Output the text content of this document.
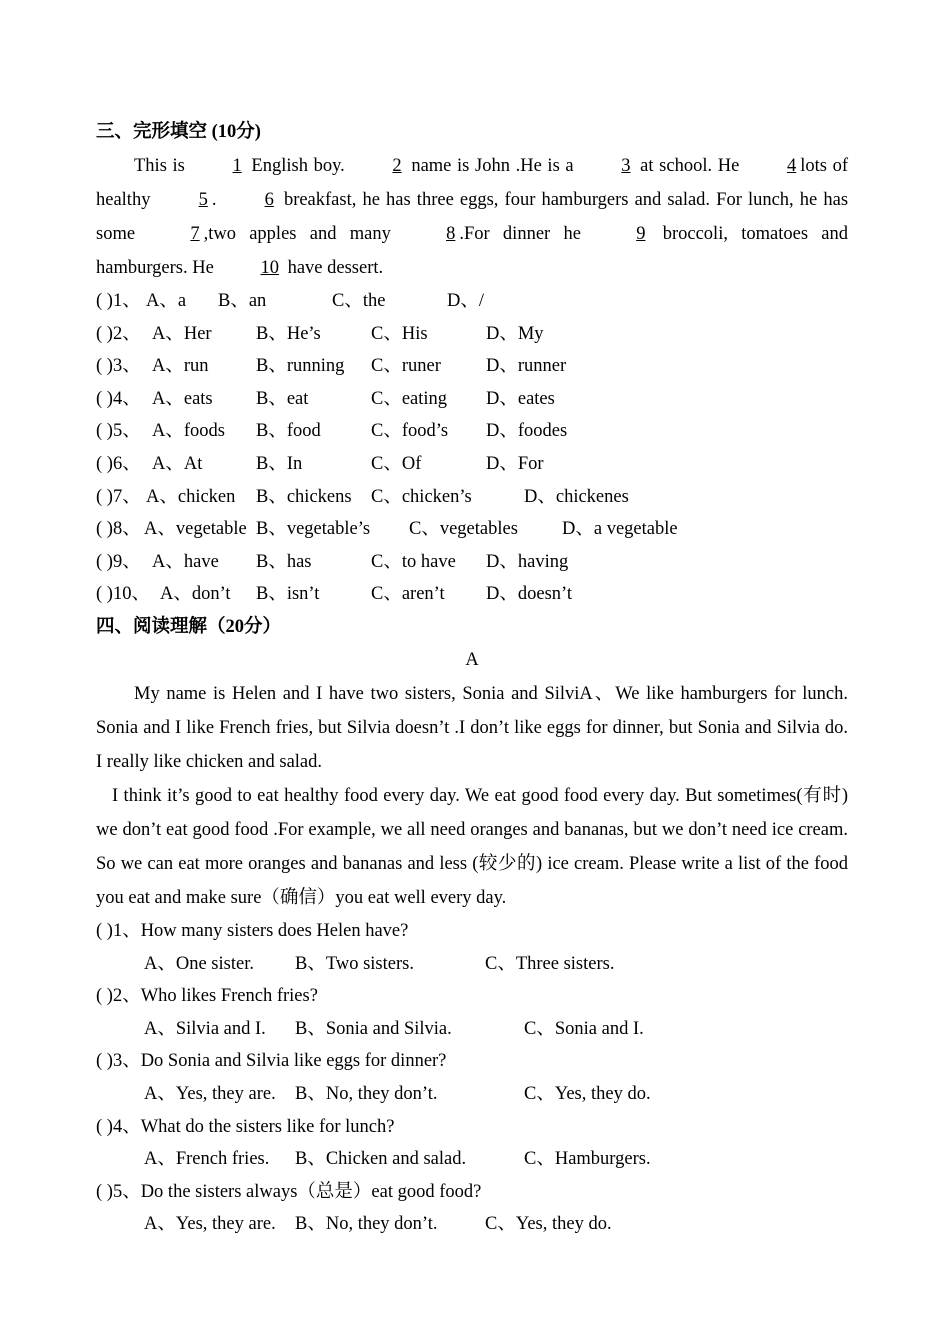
三、完形填空 (10分)

This is 1 English boy. 2 name is John .He is a 3 at school. He 4 lots of healthy 5 . 6 breakfast, he has three eggs, four hamburgers and salad. For lunch, he has some 7 ,two apples and many 8 .For dinner he 9 broccoli, tomatoes and hamburgers. He 10 have dessert.

( )1、 A、a B、an	C、the	D、/
( )2、 A、Her B、He’s	C、His	D、My
( )3、 A、run	B、running C、runer D、runner
( )4、 A、eats B、eat	C、eating D、eates
( )5、 A、foods B、food	C、food’s D、foodes
( )6、 A、At	B、In	C、Of	D、For
( )7、 A、chicken B、chickens C、chicken’s	D、chickenes
( )8、 A、vegetable B、vegetable’s C、vegetables D、a vegetable
( )9、 A、have B、has	C、to have D、having
( )10、 A、don’t B、isn’t	C、aren’t D、doesn’t
四、阅读理解（20分）
A

My name is Helen and I have two sisters, Sonia and SilviA、We like hamburgers for lunch. Sonia and I like French fries, but Silvia doesn’t .I don’t like eggs for dinner, but Sonia and Silvia do. I really like chicken and salad.

I think it’s good to eat healthy food every day. We eat good food every day. But sometimes(有时) we don’t eat good food .For example, we all need oranges and bananas, but we don’t need ice cream. So we can eat more oranges and bananas and less (较少的) ice cream. Please write a list of the food you eat and make sure（确信）you eat well every day.

( )1、How many sisters does Helen have?
A、One sister. B、Two sisters.	C、Three sisters.
( )2、Who likes French fries?
A、Silvia and I. B、Sonia and Silvia.	C、Sonia and I.
( )3、Do Sonia and Silvia like eggs for dinner?
A、Yes, they are. B、No, they don’t.	C、Yes, they do.
( )4、What do the sisters like for lunch?
A、French fries. B、Chicken and salad.	C、Hamburgers.
( )5、Do the sisters always（总是）eat good food?
A、Yes, they are. B、No, they don’t.	C、Yes, they do.
